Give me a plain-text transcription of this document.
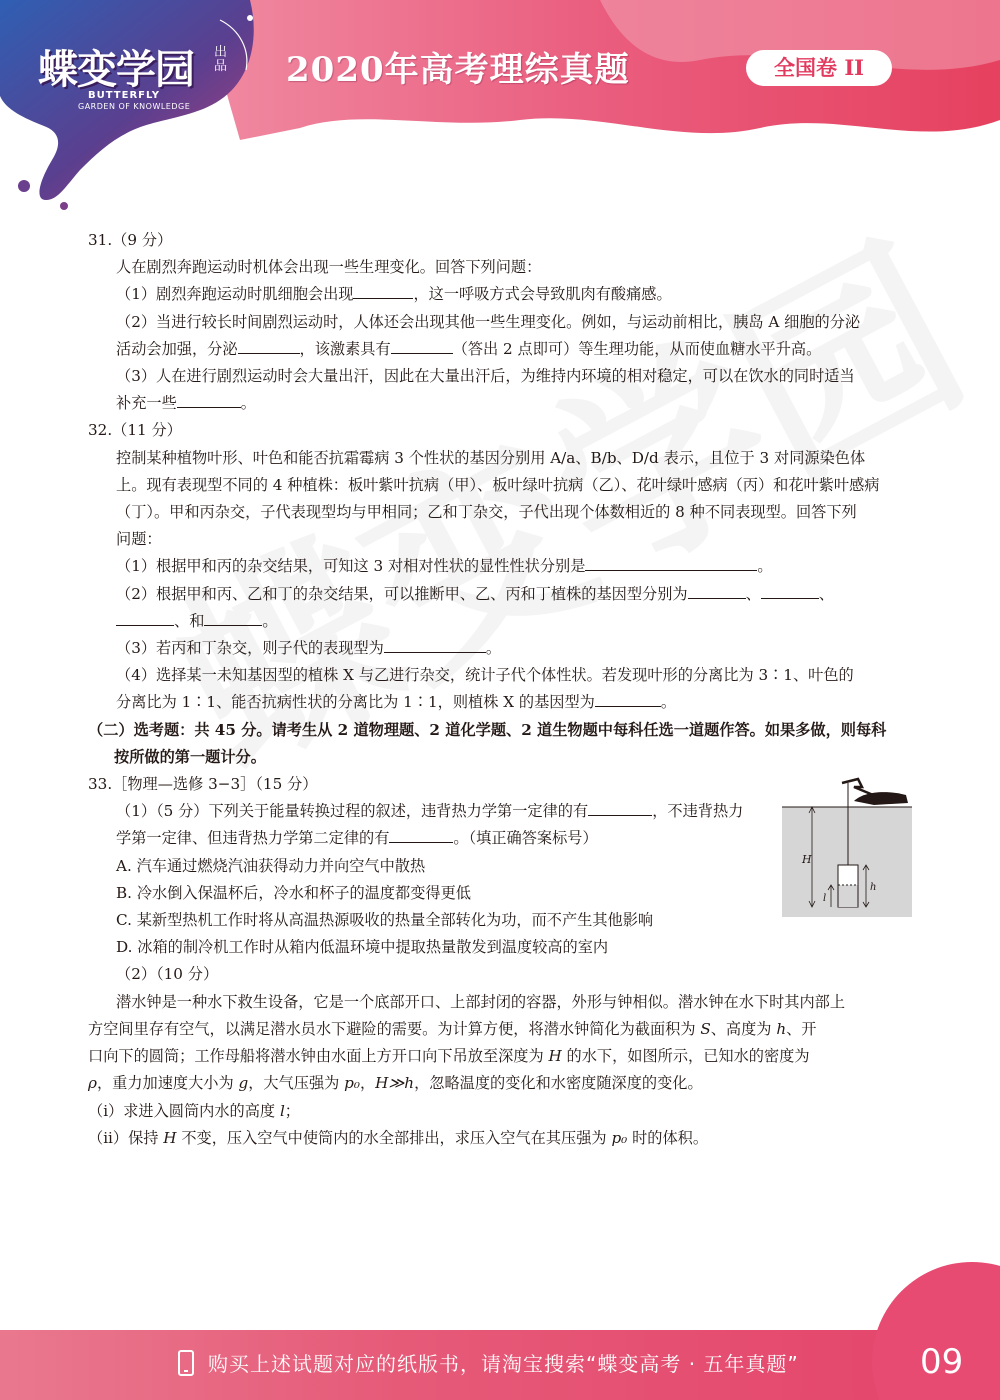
蝶变学园 出品
BUTTERFLY
GARDEN OF KNOWLEDGE
2020年高考理综真题	全国卷 II
31.（9 分）
人在剧烈奔跑运动时机体会出现一些生理变化。回答下列问题：
（1）剧烈奔跑运动时肌细胞会出现	，这一呼吸方式会导致肌肉有酸痛感。
（2）当进行较长时间剧烈运动时，人体还会出现其他一些生理变化。例如，与运动前相比，胰岛 A 细胞的分泌
活动会加强，分泌	，该激素具有	（答出 2 点即可）等生理功能，从而使血糖水平升高。
（3）人在进行剧烈运动时会大量出汗，因此在大量出汗后，为维持内环境的相对稳定，可以在饮水的同时适当
补充一些	。
32.（11 分）
控制某种植物叶形、叶色和能否抗霜霉病 3 个性状的基因分别用 A/a、B/b、D/d 表示，且位于 3 对同源染色体
上。现有表现型不同的 4 种植株：板叶紫叶抗病（甲）、板叶绿叶抗病（乙）、花叶绿叶感病（丙）和花叶紫叶感病
（丁）。甲和丙杂交，子代表现型均与甲相同；乙和丁杂交，子代出现个体数相近的 8 种不同表现型。回答下列
问题：
（1）根据甲和丙的杂交结果，可知这 3 对相对性状的显性性状分别是	。
（2）根据甲和丙、乙和丁的杂交结果，可以推断甲、乙、丙和丁植株的基因型分别为	、	、
、和	。
（3）若丙和丁杂交，则子代的表现型为	。
（4）选择某一未知基因型的植株 X 与乙进行杂交，统计子代个体性状。若发现叶形的分离比为 3∶1、叶色的
分离比为 1∶1、能否抗病性状的分离比为 1∶1，则植株 X 的基因型为	。
（二）选考题：共 45 分。请考生从 2 道物理题、2 道化学题、2 道生物题中每科任选一道题作答。如果多做，则每科
按所做的第一题计分。
33.［物理—选修 3−3］（15 分）
（1）（5 分）下列关于能量转换过程的叙述，违背热力学第一定律的有	，不违背热力
学第一定律、但违背热力学第二定律的有	。（填正确答案标号）
A. 汽车通过燃烧汽油获得动力并向空气中散热
B. 冷水倒入保温杯后，冷水和杯子的温度都变得更低
C. 某新型热机工作时将从高温热源吸收的热量全部转化为功，而不产生其他影响
D. 冰箱的制冷机工作时从箱内低温环境中提取热量散发到温度较高的室内
（2）（10 分）
潜水钟是一种水下救生设备，它是一个底部开口、上部封闭的容器，外形与钟相似。潜水钟在水下时其内部上
方空间里存有空气，以满足潜水员水下避险的需要。为计算方便，将潜水钟简化为截面积为 S、高度为 h、开
口向下的圆筒；工作母船将潜水钟由水面上方开口向下吊放至深度为 H 的水下，如图所示，已知水的密度为
ρ，重力加速度大小为 g，大气压强为 p₀，H≫h，忽略温度的变化和水密度随深度的变化。
（i）求进入圆筒内水的高度 l；
（ii）保持 H 不变，压入空气中使筒内的水全部排出，求压入空气在其压强为 p₀ 时的体积。
H
l
h
购买上述试题对应的纸版书，请淘宝搜索“蝶变高考 · 五年真题”	09
